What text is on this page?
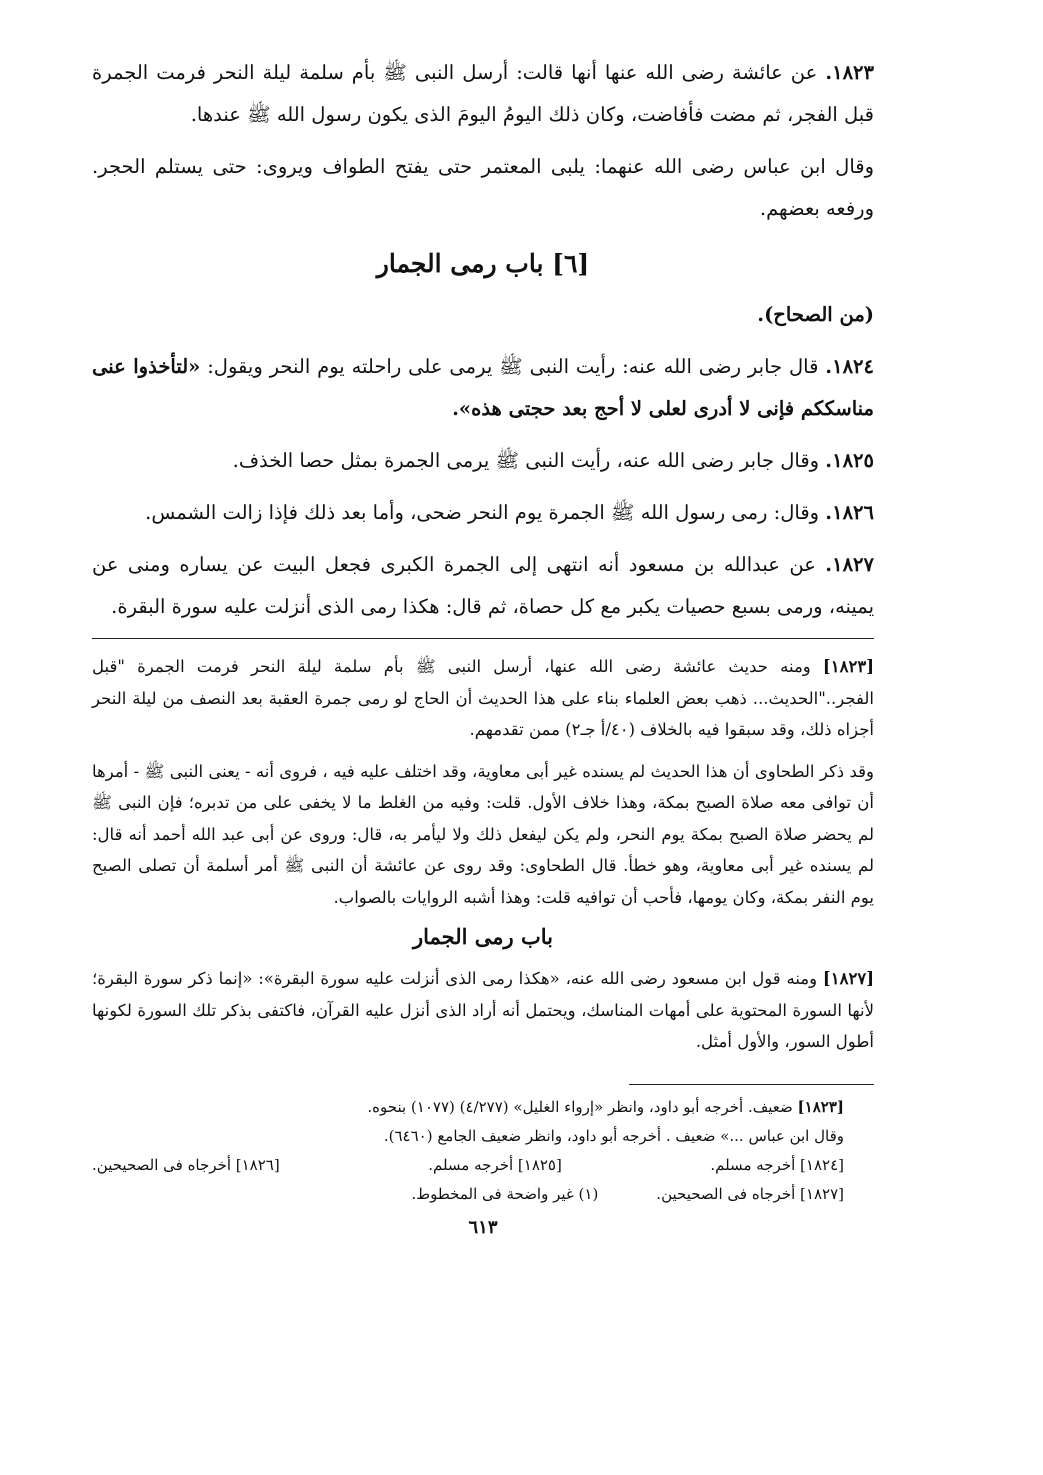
١٨٢٣. عن عائشة رضى الله عنها أنها قالت: أرسل النبى ﷺ بأم سلمة ليلة النحر فرمت الجمرة قبل الفجر، ثم مضت فأفاضت، وكان ذلك اليومُ اليومَ الذى يكون رسول الله ﷺ عندها.

وقال ابن عباس رضى الله عنهما: يلبى المعتمر حتى يفتح الطواف ويروى: حتى يستلم الحجر. ورفعه بعضهم.

[٦] باب رمى الجمار

(من الصحاح).

١٨٢٤. قال جابر رضى الله عنه: رأيت النبى ﷺ يرمى على راحلته يوم النحر ويقول: «لتأخذوا عنى مناسككم فإنى لا أدرى لعلى لا أحج بعد حجتى هذه».

١٨٢٥. وقال جابر رضى الله عنه، رأيت النبى ﷺ يرمى الجمرة بمثل حصا الخذف.

١٨٢٦. وقال: رمى رسول الله ﷺ الجمرة يوم النحر ضحى، وأما بعد ذلك فإذا زالت الشمس.

١٨٢٧. عن عبدالله بن مسعود أنه انتهى إلى الجمرة الكبرى فجعل البيت عن يساره ومنى عن يمينه، ورمى بسبع حصيات يكبر مع كل حصاة، ثم قال: هكذا رمى الذى أنزلت عليه سورة البقرة.

[١٨٢٣] ومنه حديث عائشة رضى الله عنها، أرسل النبى ﷺ بأم سلمة ليلة النحر فرمت الجمرة "قبل الفجر.."الحديث... ذهب بعض العلماء بناء على هذا الحديث أن الحاج لو رمى جمرة العقبة بعد النصف من ليلة النحر أجزاه ذلك، وقد سبقوا فيه بالخلاف (٤٠/أ جـ٢) ممن تقدمهم.

وقد ذكر الطحاوى أن هذا الحديث لم يسنده غير أبى معاوية، وقد اختلف عليه فيه ، فروى أنه - يعنى النبى ﷺ - أمرها أن توافى معه صلاة الصبح بمكة، وهذا خلاف الأول. قلت: وفيه من الغلط ما لا يخفى على من تدبره؛ فإن النبى ﷺ لم يحضر صلاة الصبح بمكة يوم النحر، ولم يكن ليفعل ذلك ولا ليأمر به، قال: وروى عن أبى عبد الله أحمد أنه قال: لم يسنده غير أبى معاوية، وهو خطأ. قال الطحاوى: وقد روى عن عائشة أن النبى ﷺ أمر أسلمة أن تصلى الصبح يوم النفر بمكة، وكان يومها، فأحب أن توافيه قلت: وهذا أشبه الروايات بالصواب.

باب رمى الجمار

[١٨٢٧] ومنه قول ابن مسعود رضى الله عنه، «هكذا رمى الذى أنزلت عليه سورة البقرة»: «إنما ذكر سورة البقرة؛ لأنها السورة المحتوية على أمهات المناسك، ويحتمل أنه أراد الذى أنزل عليه القرآن، فاكتفى بذكر تلك السورة لكونها أطول السور، والأول أمثل.

[١٨٢٣] ضعيف. أخرجه أبو داود، وانظر «إرواء الغليل» (٤/٢٧٧) (١٠٧٧) بنحوه.
وقال ابن عباس ...» ضعيف . أخرجه أبو داود، وانظر ضعيف الجامع (٦٤٦٠).
[١٨٢٤] أخرجه مسلم.
[١٨٢٥] أخرجه مسلم.
[١٨٢٦] أخرجاه فى الصحيحين.
[١٨٢٧] أخرجاه فى الصحيحين.
(١) غير واضحة فى المخطوط.
٦١٣
